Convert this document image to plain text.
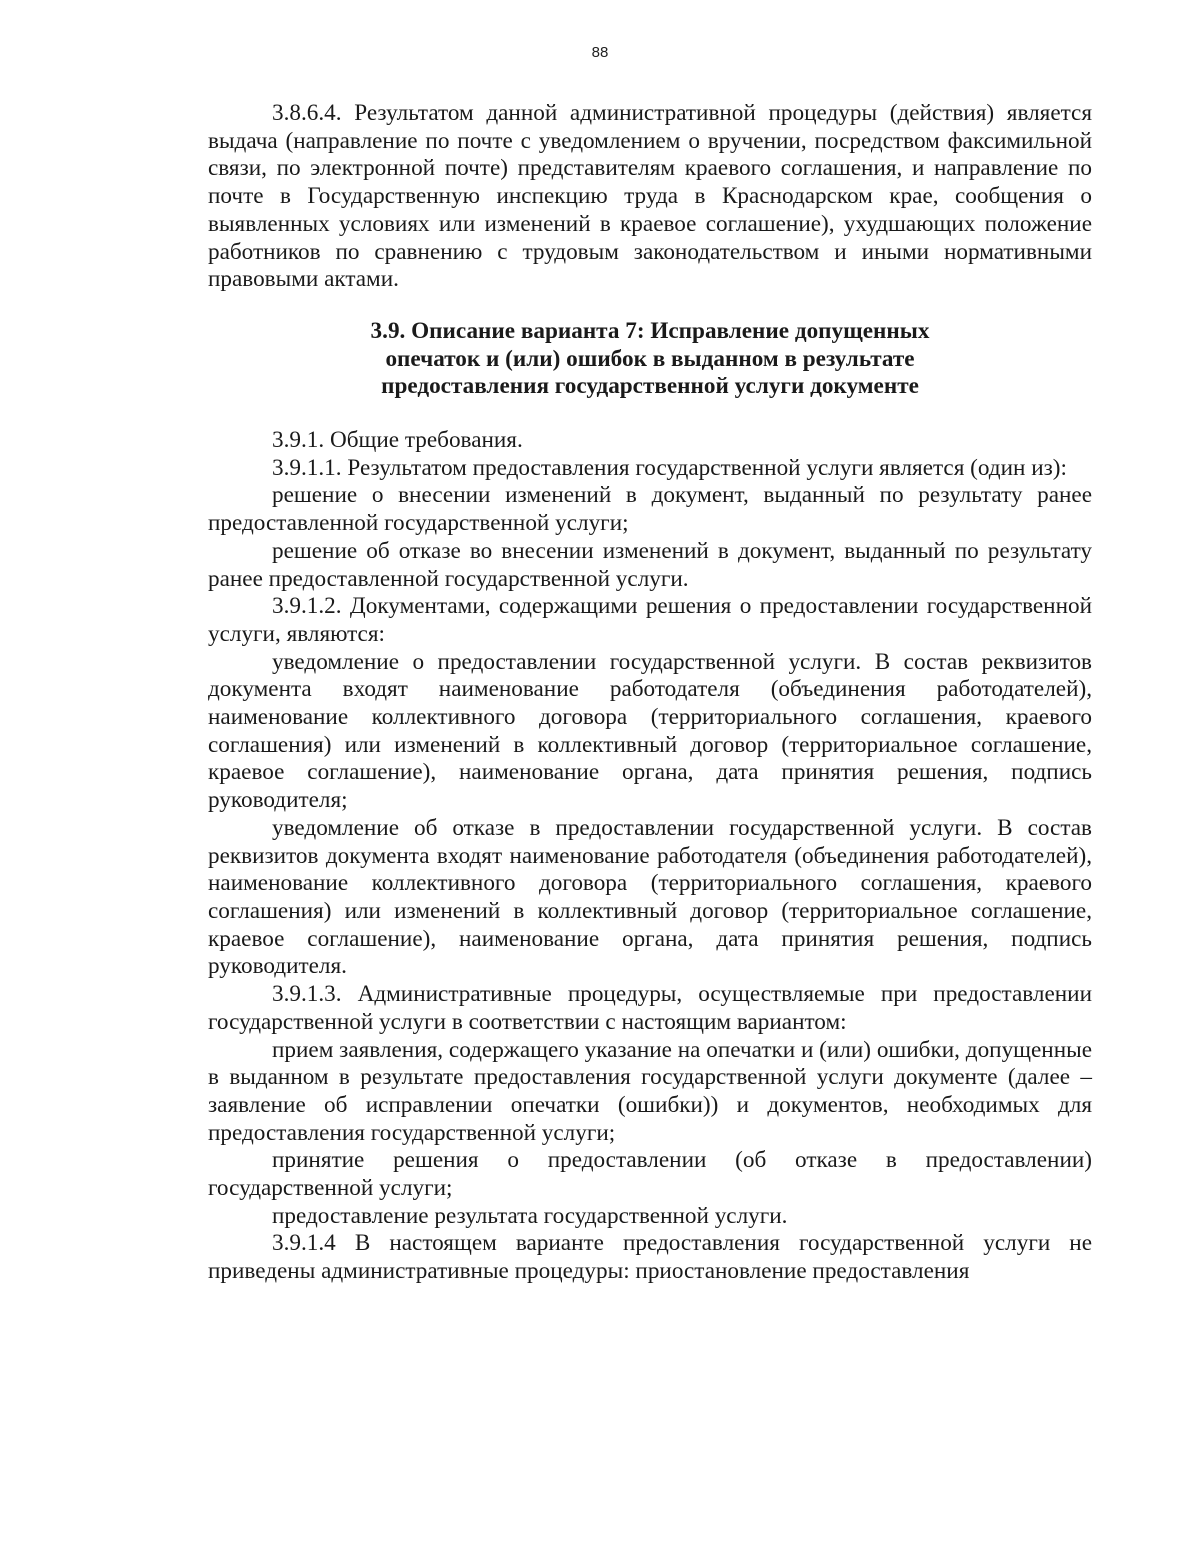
88

3.8.6.4. Результатом данной административной процедуры (действия) является выдача (направление по почте с уведомлением о вручении, посредством факсимильной связи, по электронной почте) представителям краевого соглашения, и направление по почте в Государственную инспекцию труда в Краснодарском крае, сообщения о выявленных условиях или изменений в краевое соглашение), ухудшающих положение работников по сравнению с трудовым законодательством и иными нормативными правовыми актами.

3.9. Описание варианта 7: Исправление допущенных
опечаток и (или) ошибок в выданном в результате
предоставления государственной услуги документе

3.9.1. Общие требования.

3.9.1.1. Результатом предоставления государственной услуги является (один из):

решение о внесении изменений в документ, выданный по результату ранее предоставленной государственной услуги;

решение об отказе во внесении изменений в документ, выданный по результату ранее предоставленной государственной услуги.

3.9.1.2. Документами, содержащими решения о предоставлении государственной услуги, являются:

уведомление о предоставлении государственной услуги. В состав реквизитов документа входят наименование работодателя (объединения работодателей), наименование коллективного договора (территориального соглашения, краевого соглашения) или изменений в коллективный договор (территориальное соглашение, краевое соглашение), наименование органа, дата принятия решения, подпись руководителя;

уведомление об отказе в предоставлении государственной услуги. В состав реквизитов документа входят наименование работодателя (объединения работодателей), наименование коллективного договора (территориального соглашения, краевого соглашения) или изменений в коллективный договор (территориальное соглашение, краевое соглашение), наименование органа, дата принятия решения, подпись руководителя.

3.9.1.3. Административные процедуры, осуществляемые при предоставлении государственной услуги в соответствии с настоящим вариантом:

прием заявления, содержащего указание на опечатки и (или) ошибки, допущенные в выданном в результате предоставления государственной услуги документе (далее – заявление об исправлении опечатки (ошибки)) и документов, необходимых для предоставления государственной услуги;

принятие решения о предоставлении (об отказе в предоставлении) государственной услуги;

предоставление результата государственной услуги.

3.9.1.4 В настоящем варианте предоставления государственной услуги не приведены административные процедуры: приостановление предоставления
